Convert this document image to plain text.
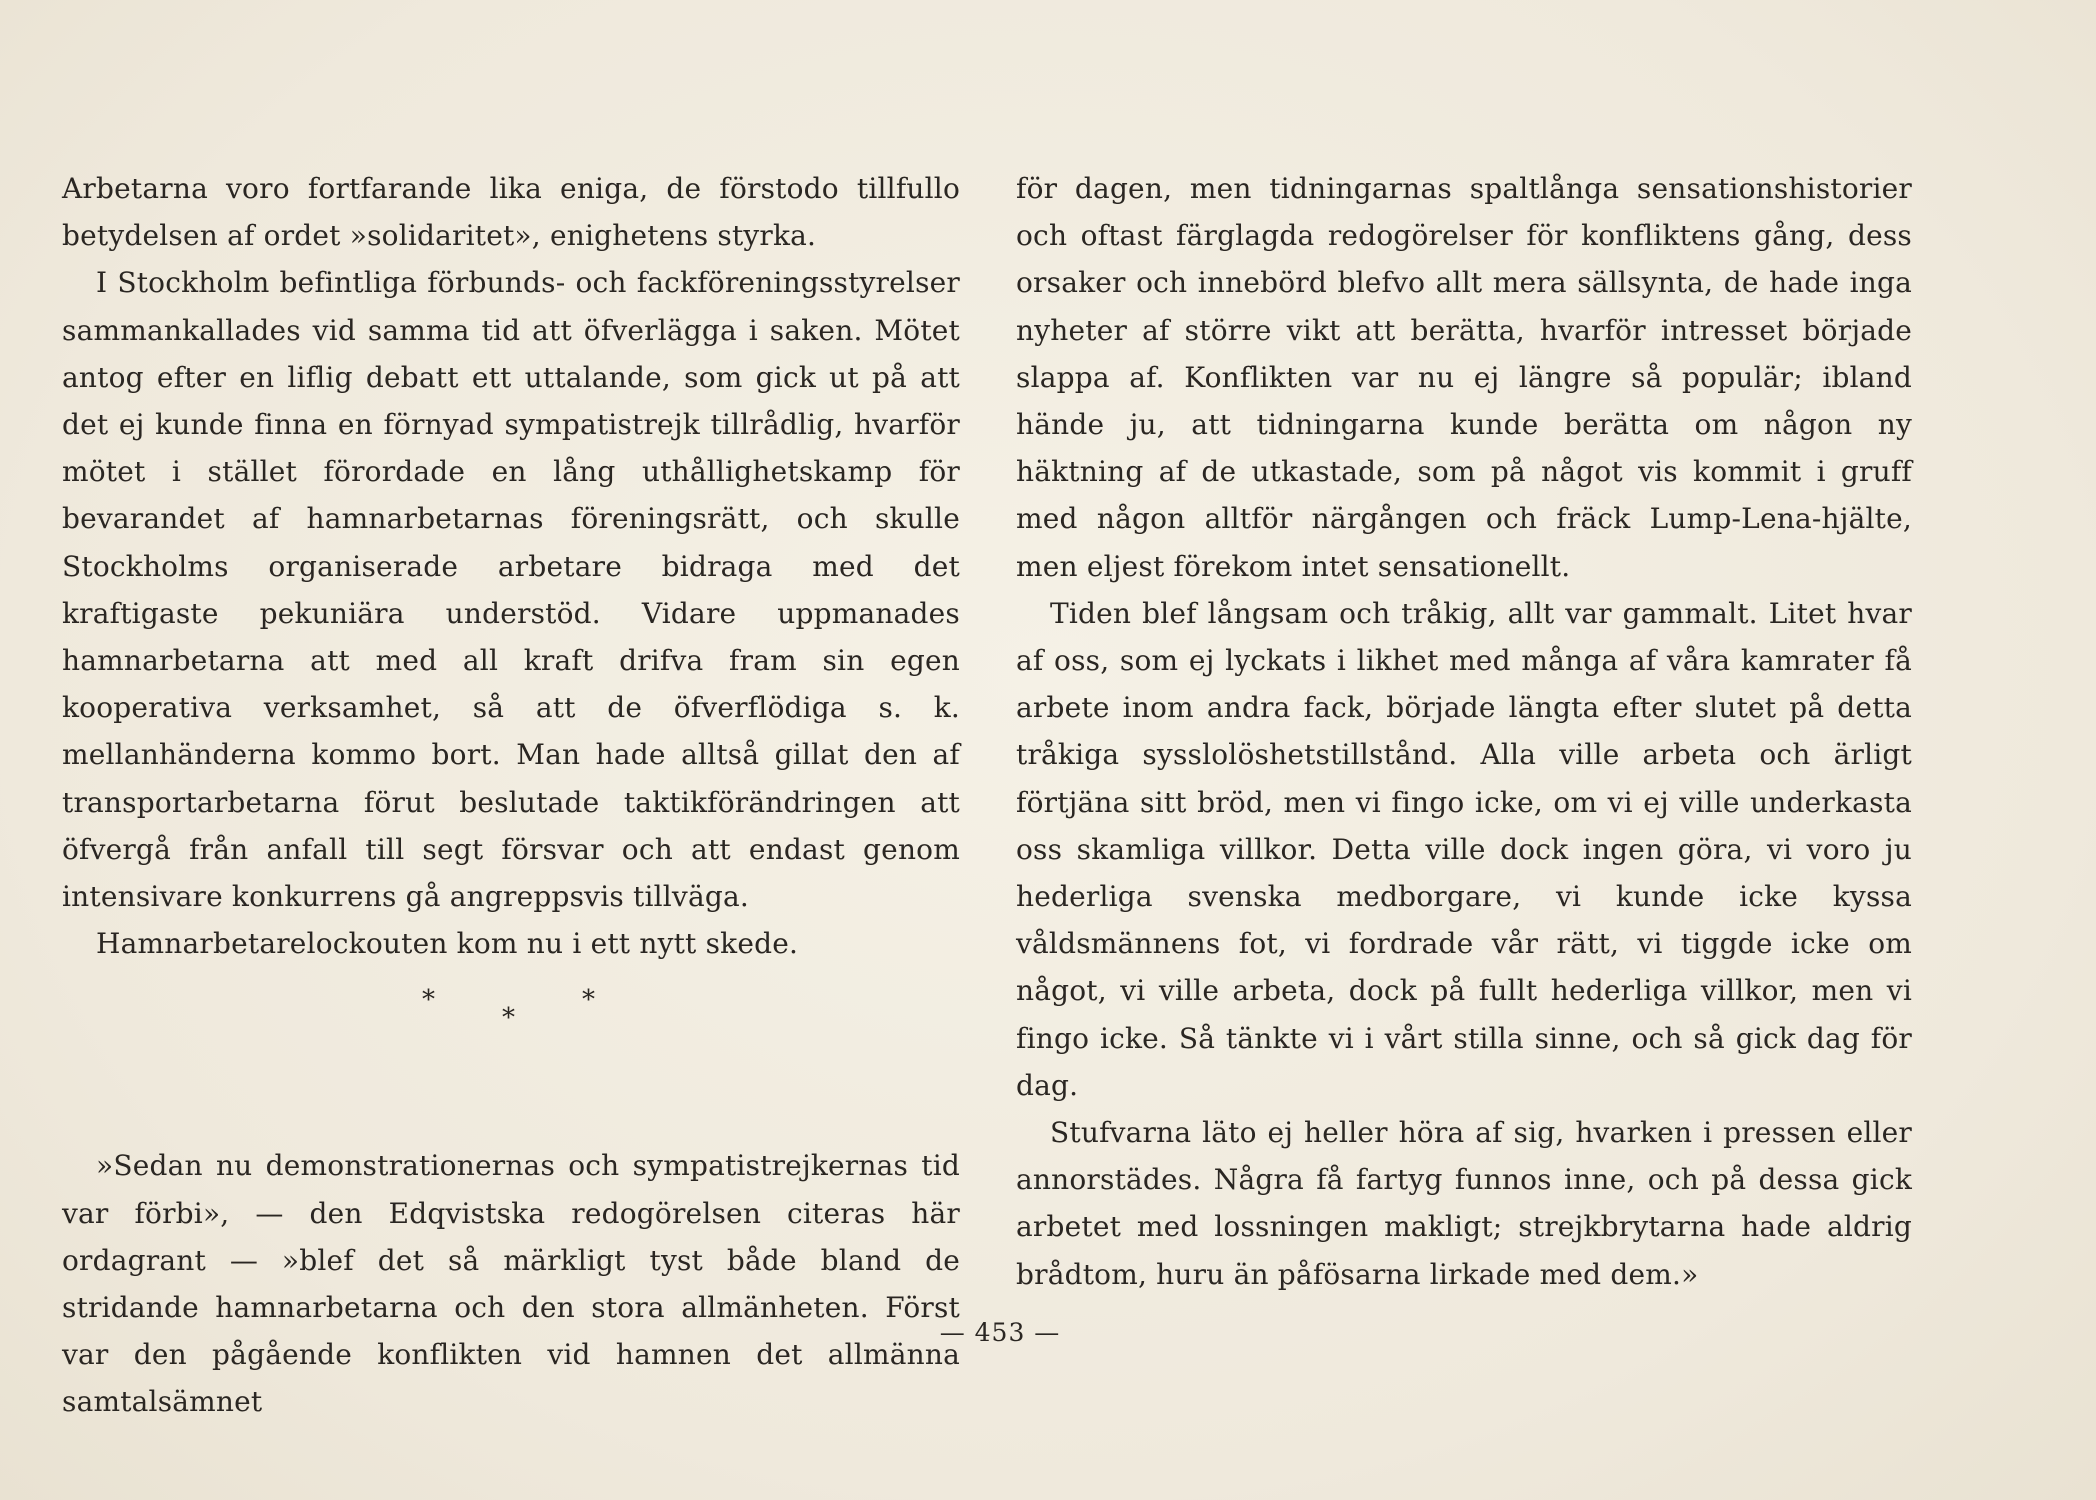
Arbetarna voro fortfarande lika eniga, de förstodo tillfullo betydelsen af ordet »solidaritet», enighetens styrka.

I Stockholm befintliga förbunds- och fackföreningsstyrelser sammankallades vid samma tid att öfverlägga i saken. Mötet antog efter en liflig debatt ett uttalande, som gick ut på att det ej kunde finna en förnyad sympatistrejk tillrådlig, hvarför mötet i stället förordade en lång uthållighetskamp för bevarandet af hamnarbetarnas föreningsrätt, och skulle Stockholms organiserade arbetare bidraga med det kraftigaste pekuniära understöd. Vidare uppmanades hamnarbetarna att med all kraft drifva fram sin egen kooperativa verksamhet, så att de öfverflödiga s. k. mellanhänderna kommo bort. Man hade alltså gillat den af transportarbetarna förut beslutade taktikförändringen att öfvergå från anfall till segt försvar och att endast genom intensivare konkurrens gå angreppsvis tillväga.

Hamnarbetarelockouten kom nu i ett nytt skede.

*
*
*

»Sedan nu demonstrationernas och sympatistrejkernas tid var förbi», — den Edqvistska redogörelsen citeras här ordagrant — »blef det så märkligt tyst både bland de stridande hamnarbetarna och den stora allmänheten. Först var den pågående konflikten vid hamnen det allmänna samtalsämnet

för dagen, men tidningarnas spaltlånga sensationshistorier och oftast färglagda redogörelser för konfliktens gång, dess orsaker och innebörd blefvo allt mera sällsynta, de hade inga nyheter af större vikt att berätta, hvarför intresset började slappa af. Konflikten var nu ej längre så populär; ibland hände ju, att tidningarna kunde berätta om någon ny häktning af de utkastade, som på något vis kommit i gruff med någon alltför närgången och fräck Lump-Lena-hjälte, men eljest förekom intet sensationellt.

Tiden blef långsam och tråkig, allt var gammalt. Litet hvar af oss, som ej lyckats i likhet med många af våra kamrater få arbete inom andra fack, började längta efter slutet på detta tråkiga sysslolöshetstillstånd. Alla ville arbeta och ärligt förtjäna sitt bröd, men vi fingo icke, om vi ej ville underkasta oss skamliga villkor. Detta ville dock ingen göra, vi voro ju hederliga svenska medborgare, vi kunde icke kyssa våldsmännens fot, vi fordrade vår rätt, vi tiggde icke om något, vi ville arbeta, dock på fullt hederliga villkor, men vi fingo icke. Så tänkte vi i vårt stilla sinne, och så gick dag för dag.

Stufvarna läto ej heller höra af sig, hvarken i pressen eller annorstädes. Några få fartyg funnos inne, och på dessa gick arbetet med lossningen makligt; strejkbrytarna hade aldrig brådtom, huru än påfösarna lirkade med dem.»

— 453 —
